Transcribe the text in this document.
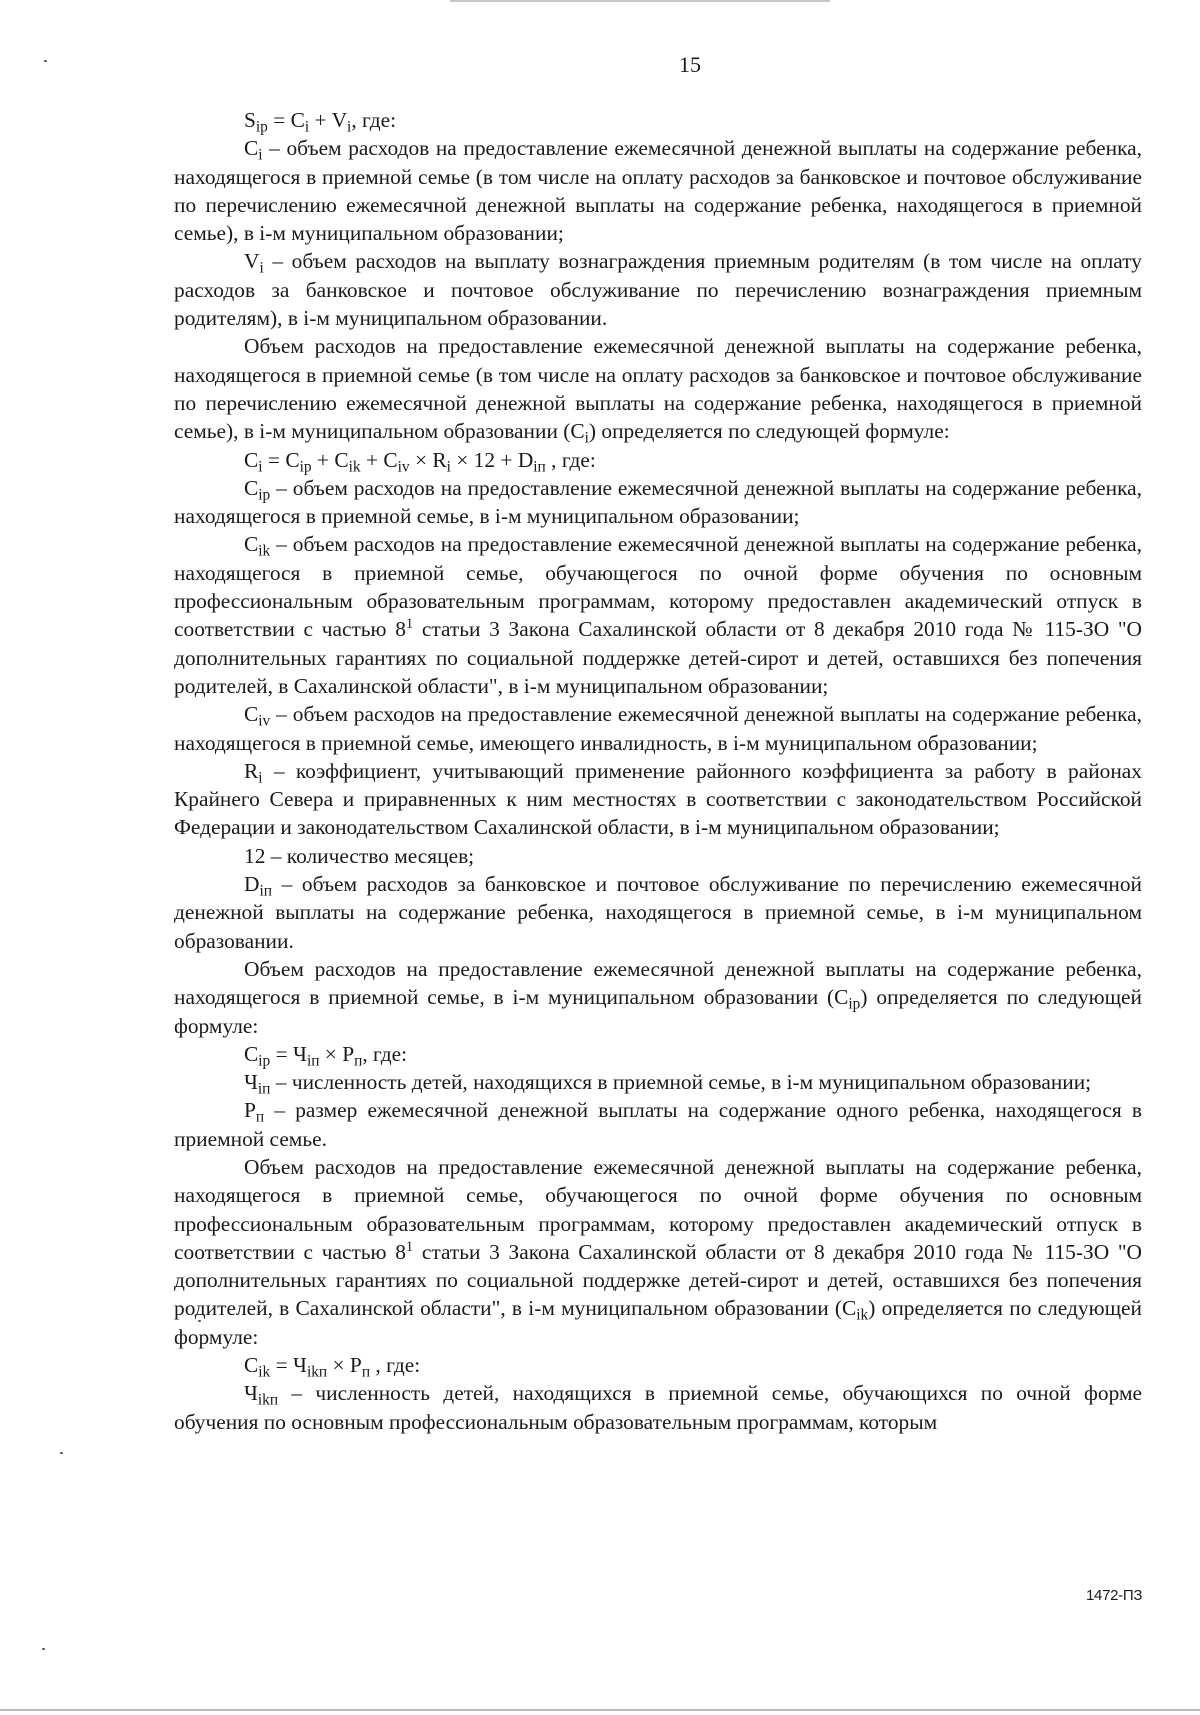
15

$S_{ip} = C_i + V_i$, где:

$C_i$ – объем расходов на предоставление ежемесячной денежной выплаты на содержание ребенка, находящегося в приемной семье (в том числе на оплату расходов за банковское и почтовое обслуживание по перечислению ежемесячной денежной выплаты на содержание ребенка, находящегося в приемной семье), в i-м муниципальном образовании;

$V_i$ – объем расходов на выплату вознаграждения приемным родителям (в том числе на оплату расходов за банковское и почтовое обслуживание по перечислению вознаграждения приемным родителям), в i-м муниципальном образовании.

Объем расходов на предоставление ежемесячной денежной выплаты на содержание ребенка, находящегося в приемной семье (в том числе на оплату расходов за банковское и почтовое обслуживание по перечислению ежемесячной денежной выплаты на содержание ребенка, находящегося в приемной семье), в i-м муниципальном образовании $(C_i)$ определяется по следующей формуле:

$C_i = C_{ip} + C_{ik} + C_{iv} \times R_i \times 12 + D_{iп}$ , где:

$C_{ip}$ – объем расходов на предоставление ежемесячной денежной выплаты на содержание ребенка, находящегося в приемной семье, в i-м муниципальном образовании;

$C_{ik}$ – объем расходов на предоставление ежемесячной денежной выплаты на содержание ребенка, находящегося в приемной семье, обучающегося по очной форме обучения по основным профессиональным образовательным программам, которому предоставлен академический отпуск в соответствии с частью $8^1$ статьи 3 Закона Сахалинской области от 8 декабря 2010 года № 115-ЗО "О дополнительных гарантиях по социальной поддержке детей-сирот и детей, оставшихся без попечения родителей, в Сахалинской области", в i-м муниципальном образовании;

$C_{iv}$ – объем расходов на предоставление ежемесячной денежной выплаты на содержание ребенка, находящегося в приемной семье, имеющего инвалидность, в i-м муниципальном образовании;

$R_i$ – коэффициент, учитывающий применение районного коэффициента за работу в районах Крайнего Севера и приравненных к ним местностях в соответствии с законодательством Российской Федерации и законодательством Сахалинской области, в i-м муниципальном образовании;

12 – количество месяцев;

$D_{iп}$ – объем расходов за банковское и почтовое обслуживание по перечислению ежемесячной денежной выплаты на содержание ребенка, находящегося в приемной семье, в i-м муниципальном образовании.

Объем расходов на предоставление ежемесячной денежной выплаты на содержание ребенка, находящегося в приемной семье, в i-м муниципальном образовании $(C_{ip})$ определяется по следующей формуле:

$C_{ip} = Ч_{iп} \times P_п$, где:

$Ч_{iп}$ – численность детей, находящихся в приемной семье, в i-м муниципальном образовании;

$P_п$ – размер ежемесячной денежной выплаты на содержание одного ребенка, находящегося в приемной семье.

Объем расходов на предоставление ежемесячной денежной выплаты на содержание ребенка, находящегося в приемной семье, обучающегося по очной форме обучения по основным профессиональным образовательным программам, которому предоставлен академический отпуск в соответствии с частью $8^1$ статьи 3 Закона Сахалинской области от 8 декабря 2010 года № 115-ЗО "О дополнительных гарантиях по социальной поддержке детей-сирот и детей, оставшихся без попечения родителей, в Сахалинской области", в i-м муниципальном образовании $(C_{ik})$ определяется по следующей формуле:

$C_{ik} = Ч_{ikп} \times P_п$ , где:

$Ч_{ikп}$ – численность детей, находящихся в приемной семье, обучающихся по очной форме обучения по основным профессиональным образовательным программам, которым

1472-ПЗ
